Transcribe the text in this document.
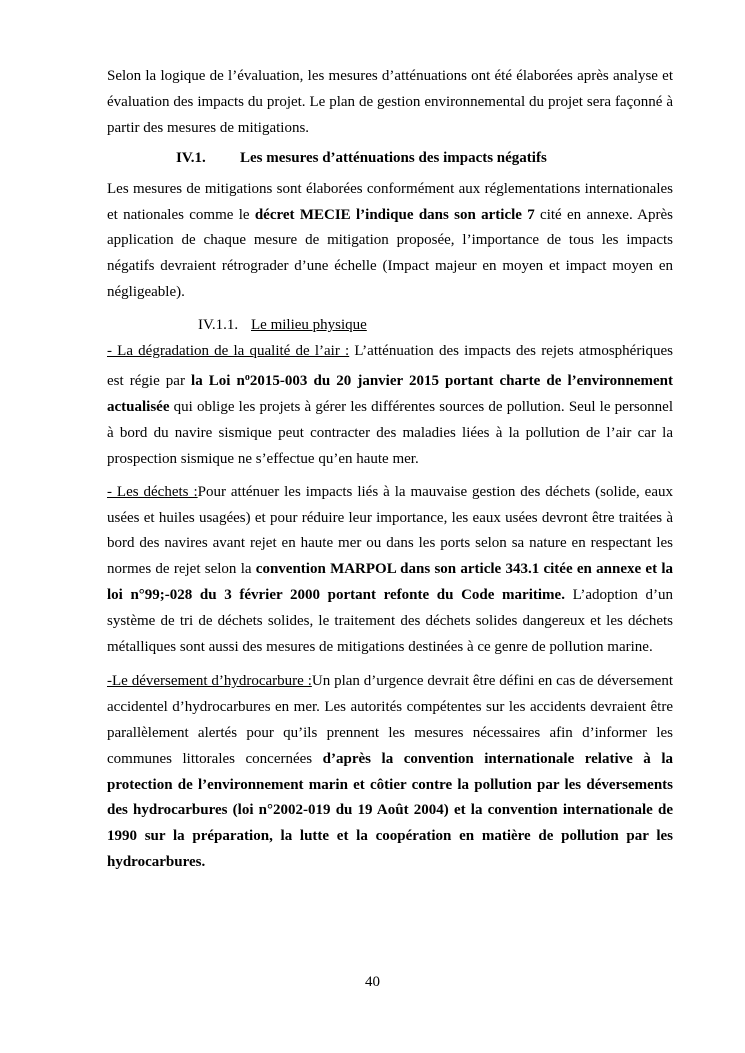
Selon la logique de l’évaluation, les mesures d’atténuations ont été élaborées après analyse et évaluation des impacts du projet. Le plan de gestion environnemental du projet sera façonné à partir des mesures de mitigations.

IV.1. Les mesures d’atténuations des impacts négatifs

Les mesures de mitigations sont élaborées conformément aux réglementations internationales et nationales comme le décret MECIE l’indique dans son article 7 cité en annexe. Après application de chaque mesure de mitigation proposée, l’importance de tous les impacts négatifs devraient rétrograder d’une échelle (Impact majeur en moyen et impact moyen en négligeable).

IV.1.1. Le milieu physique

- La dégradation de la qualité de l’air : L’atténuation des impacts des rejets atmosphériques est régie par la Loi $n^o2015-003$ du 20 janvier 2015 portant charte de l’environnement actualisée qui oblige les projets à gérer les différentes sources de pollution. Seul le personnel à bord du navire sismique peut contracter des maladies liées à la pollution de l’air car la prospection sismique ne s’effectue qu’en haute mer.

- Les déchets :Pour atténuer les impacts liés à la mauvaise gestion des déchets (solide, eaux usées et huiles usagées) et pour réduire leur importance, les eaux usées devront être traitées à bord des navires avant rejet en haute mer ou dans les ports selon sa nature en respectant les normes de rejet selon la convention MARPOL dans son article 343.1 citée en annexe et la loi n°99;-028 du 3 février 2000 portant refonte du Code maritime. L’adoption d’un système de tri de déchets solides, le traitement des déchets solides dangereux et les déchets métalliques sont aussi des mesures de mitigations destinées à ce genre de pollution marine.

-Le déversement d’hydrocarbure :Un plan d’urgence devrait être défini en cas de déversement accidentel d’hydrocarbures en mer. Les autorités compétentes sur les accidents devraient être parallèlement alertés pour qu’ils prennent les mesures nécessaires afin d’informer les communes littorales concernées d’après la convention internationale relative à la protection de l’environnement marin et côtier contre la pollution par les déversements des hydrocarbures (loi n°2002-019 du 19 Août 2004) et la convention internationale de 1990 sur la préparation, la lutte et la coopération en matière de pollution par les hydrocarbures.

40
